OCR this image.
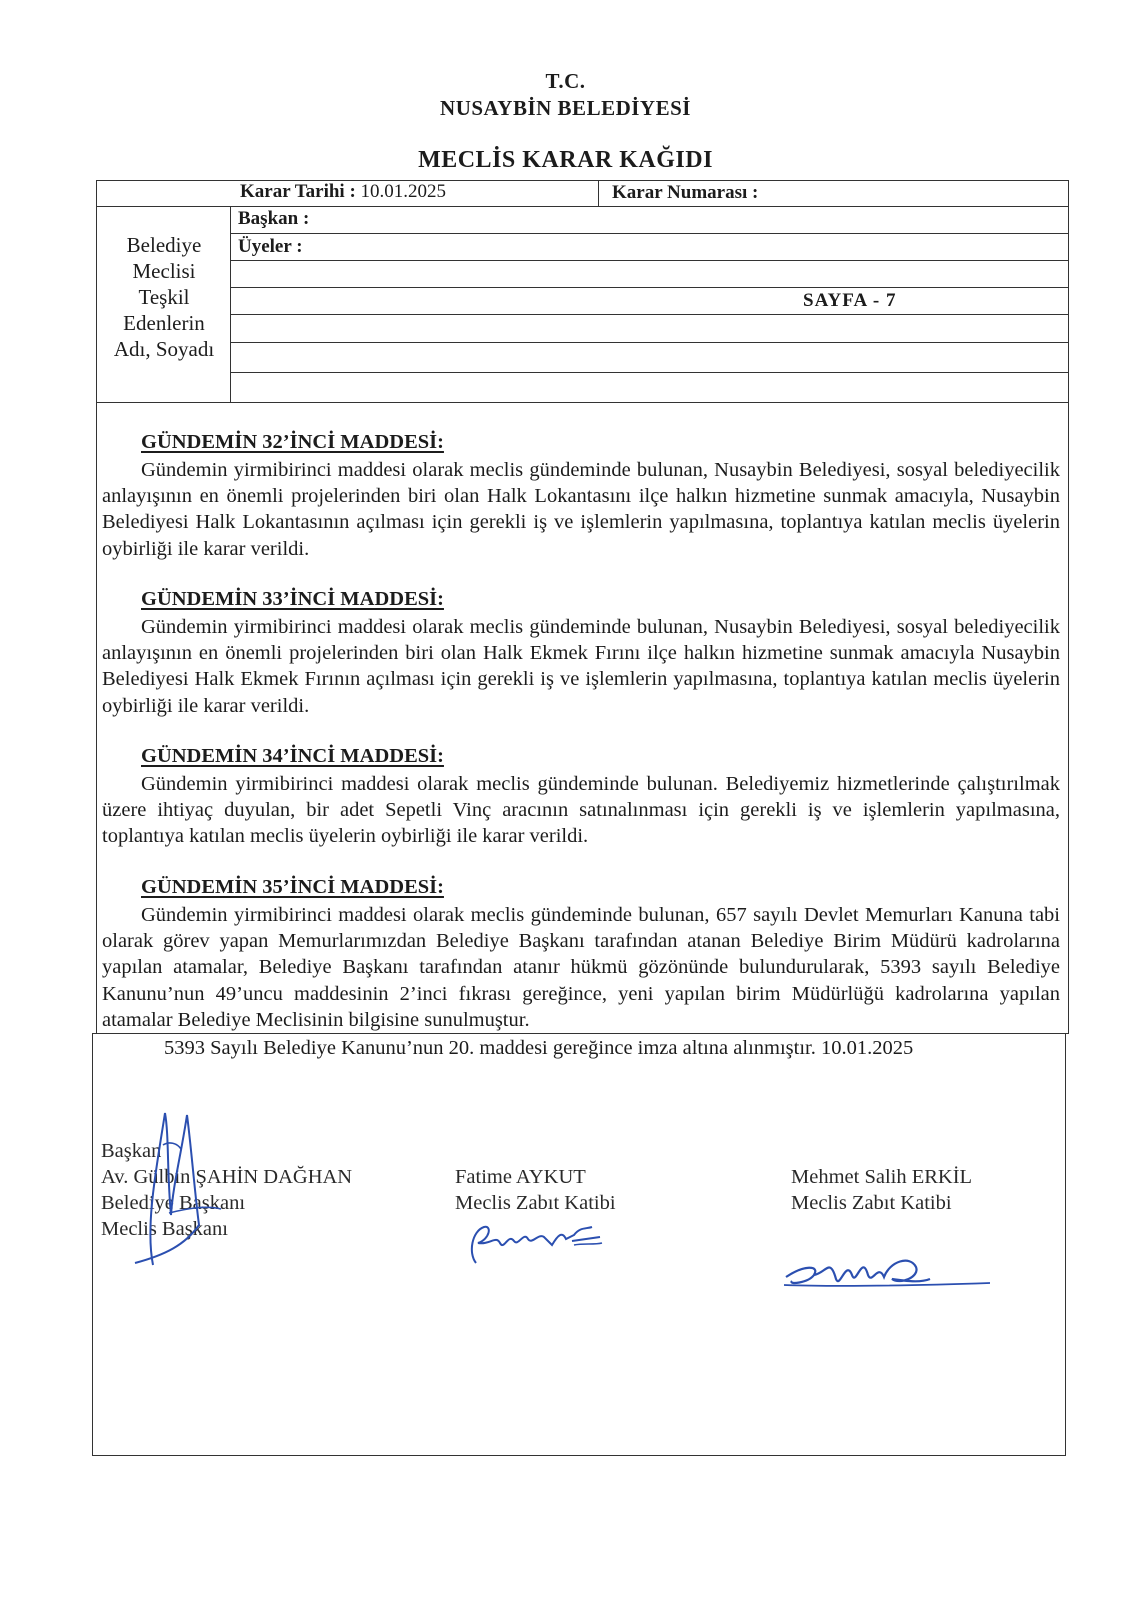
T.C.
NUSAYBİN BELEDİYESİ
MECLİS KARAR KAĞIDI
Karar Tarihi : 10.01.2025	Karar Numarası :
Belediye
Meclisi
Teşkil
Edenlerin
Adı, Soyadı
Başkan :
Üyeler :
SAYFA - 7
GÜNDEMİN 32’İNCİ MADDESİ:

Gündemin yirmibirinci maddesi olarak meclis gündeminde bulunan, Nusaybin Belediyesi, sosyal belediyecilik anlayışının en önemli projelerinden biri olan Halk Lokantasını ilçe halkın hizmetine sunmak amacıyla, Nusaybin Belediyesi Halk Lokantasının açılması için gerekli iş ve işlemlerin yapılmasına, toplantıya katılan meclis üyelerin oybirliği ile karar verildi.

GÜNDEMİN 33’İNCİ MADDESİ:

Gündemin yirmibirinci maddesi olarak meclis gündeminde bulunan, Nusaybin Belediyesi, sosyal belediyecilik anlayışının en önemli projelerinden biri olan Halk Ekmek Fırını ilçe halkın hizmetine sunmak amacıyla Nusaybin Belediyesi Halk Ekmek Fırının açılması için gerekli iş ve işlemlerin yapılmasına, toplantıya katılan meclis üyelerin oybirliği ile karar verildi.

GÜNDEMİN 34’İNCİ MADDESİ:

Gündemin yirmibirinci maddesi olarak meclis gündeminde bulunan. Belediyemiz hizmetlerinde çalıştırılmak üzere ihtiyaç duyulan, bir adet Sepetli Vinç aracının satınalınması için gerekli iş ve işlemlerin yapılmasına, toplantıya katılan meclis üyelerin oybirliği ile karar verildi.

GÜNDEMİN 35’İNCİ MADDESİ:

Gündemin yirmibirinci maddesi olarak meclis gündeminde bulunan, 657 sayılı Devlet Memurları Kanuna tabi olarak görev yapan Memurlarımızdan Belediye Başkanı tarafından atanan Belediye Birim Müdürü kadrolarına yapılan atamalar, Belediye Başkanı tarafından atanır hükmü gözönünde bulundurularak, 5393 sayılı Belediye Kanunu’nun 49’uncu maddesinin 2’inci fıkrası gereğince, yeni yapılan birim Müdürlüğü kadrolarına yapılan atamalar Belediye Meclisinin bilgisine sunulmuştur.

5393 Sayılı Belediye Kanunu’nun 20. maddesi gereğince imza altına alınmıştır. 10.01.2025
Başkan
Av. Gülbin ŞAHİN DAĞHAN
Belediye Başkanı
Meclis Başkanı
Fatime AYKUT
Meclis Zabıt Katibi
Mehmet Salih ERKİL
Meclis Zabıt Katibi
